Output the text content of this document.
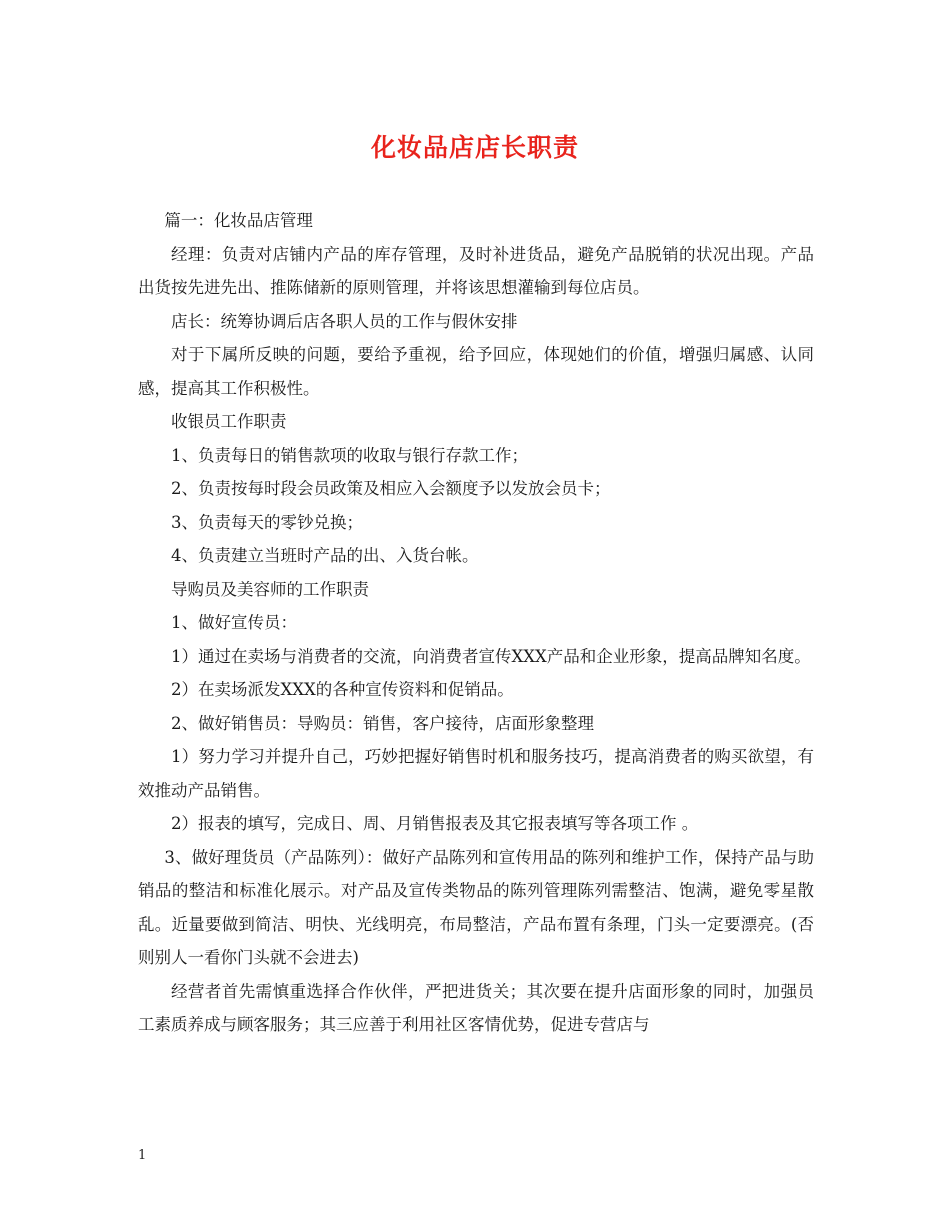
化妆品店店长职责

篇一：化妆品店管理

经理：负责对店铺内产品的库存管理，及时补进货品，避免产品脱销的状况出现。产品出货按先进先出、推陈储新的原则管理，并将该思想灌输到每位店员。

店长：统筹协调后店各职人员的工作与假休安排

对于下属所反映的问题，要给予重视，给予回应，体现她们的价值，增强归属感、认同感，提高其工作积极性。

收银员工作职责

1、负责每日的销售款项的收取与银行存款工作；

2、负责按每时段会员政策及相应入会额度予以发放会员卡；

3、负责每天的零钞兑换；

4、负责建立当班时产品的出、入货台帐。

导购员及美容师的工作职责

1、做好宣传员：

1）通过在卖场与消费者的交流，向消费者宣传XXX产品和企业形象，提高品牌知名度。

2）在卖场派发XXX的各种宣传资料和促销品。

2、做好销售员：导购员：销售，客户接待，店面形象整理

1）努力学习并提升自己，巧妙把握好销售时机和服务技巧，提高消费者的购买欲望，有效推动产品销售。

2）报表的填写，完成日、周、月销售报表及其它报表填写等各项工作 。

3、做好理货员（产品陈列）：做好产品陈列和宣传用品的陈列和维护工作，保持产品与助销品的整洁和标准化展示。对产品及宣传类物品的陈列管理陈列需整洁、饱满，避免零星散乱。近量要做到简洁、明快、光线明亮，布局整洁，产品布置有条理，门头一定要漂亮。(否则别人一看你门头就不会进去)

经营者首先需慎重选择合作伙伴，严把进货关；其次要在提升店面形象的同时，加强员工素质养成与顾客服务；其三应善于利用社区客情优势，促进专营店与

1
